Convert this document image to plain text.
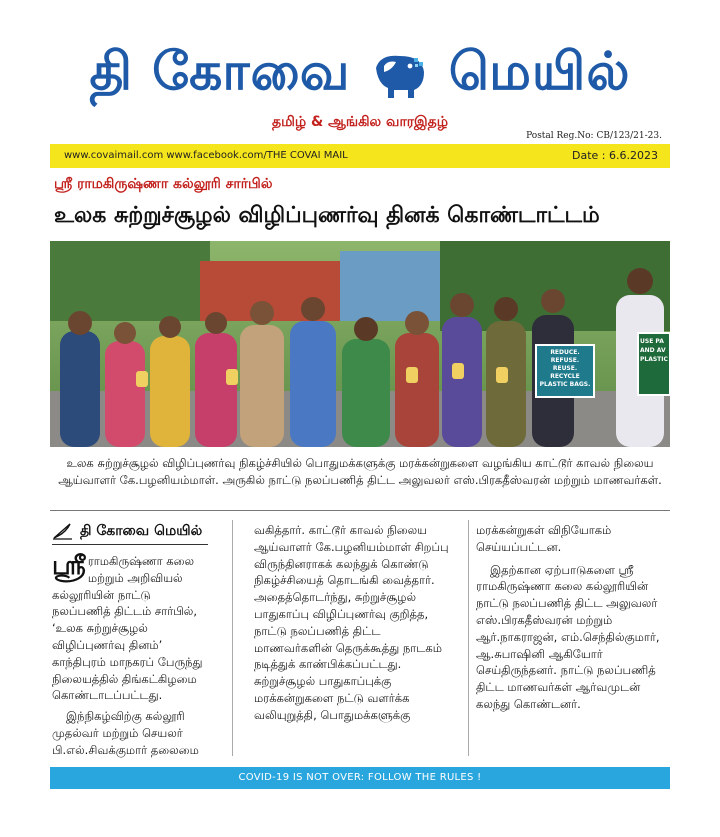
தி கோவை மெயில்
தமிழ் & ஆங்கில வாரஇதழ்
Postal Reg.No: CB/123/21-23.
www.covaimail.com www.facebook.com/THE COVAI MAIL	Date : 6.6.2023
ஸ்ரீ ராமகிருஷ்ணா கல்லூரி சார்பில்
உலக சுற்றுச்சூழல் விழிப்புணர்வு தினக் கொண்டாட்டம்
REDUCE. REFUSE. REUSE. RECYCLE PLASTIC BAGS.
USE PA AND AV PLASTIC
உலக சுற்றுச்சூழல் விழிப்புணர்வு நிகழ்ச்சியில் பொதுமக்களுக்கு மரக்கன்றுகளை வழங்கிய காட்டூர் காவல் நிலைய ஆய்வாளர் கே.பழனியம்மாள். அருகில் நாட்டு நலப்பணித் திட்ட அலுவலர் எஸ்.பிரகதீஸ்வரன் மற்றும் மாணவர்கள்.
தி கோவை மெயில்

ஸ்ரீ ராமகிருஷ்ணா கலை மற்றும் அறிவியல் கல்லூரியின் நாட்டு நலப்பணித் திட்டம் சார்பில், ‘உலக சுற்றுச்சூழல் விழிப்புணர்வு தினம்’ காந்திபுரம் மாநகரப் பேருந்து நிலையத்தில் திங்கட்கிழமை கொண்டாடப்பட்டது.

இந்நிகழ்விற்கு கல்லூரி முதல்வர் மற்றும் செயலர் பி.எல்.சிவக்குமார் தலைமை

வகித்தார். காட்டூர் காவல் நிலைய ஆய்வாளர் கே.பழனியம்மாள் சிறப்பு விருந்தினராகக் கலந்துக் கொண்டு நிகழ்ச்சியைத் தொடங்கி வைத்தார். அதைத்தொடர்ந்து, சுற்றுச்சூழல் பாதுகாப்பு விழிப்புணர்வு குறித்த, நாட்டு நலப்பணித் திட்ட மாணவர்களின் தெருக்கூத்து நாடகம் நடித்துக் காண்பிக்கப்பட்டது. சுற்றுச்சூழல் பாதுகாப்புக்கு மரக்கன்றுகளை நட்டு வளர்க்க வலியுறுத்தி, பொதுமக்களுக்கு

மரக்கன்றுகள் விநியோகம் செய்யப்பட்டன.

இதற்கான ஏற்பாடுகளை ஸ்ரீ ராமகிருஷ்ணா கலை கல்லூரியின் நாட்டு நலப்பணித் திட்ட அலுவலர் எஸ்.பிரகதீஸ்வரன் மற்றும் ஆர்.நாகராஜன், எம்.செந்தில்குமார், ஆ.சுபாஷினி ஆகியோர் செய்திருந்தனர். நாட்டு நலப்பணித் திட்ட மாணவர்கள் ஆர்வமுடன் கலந்து கொண்டனர்.

COVID-19 IS NOT OVER: FOLLOW THE RULES !
